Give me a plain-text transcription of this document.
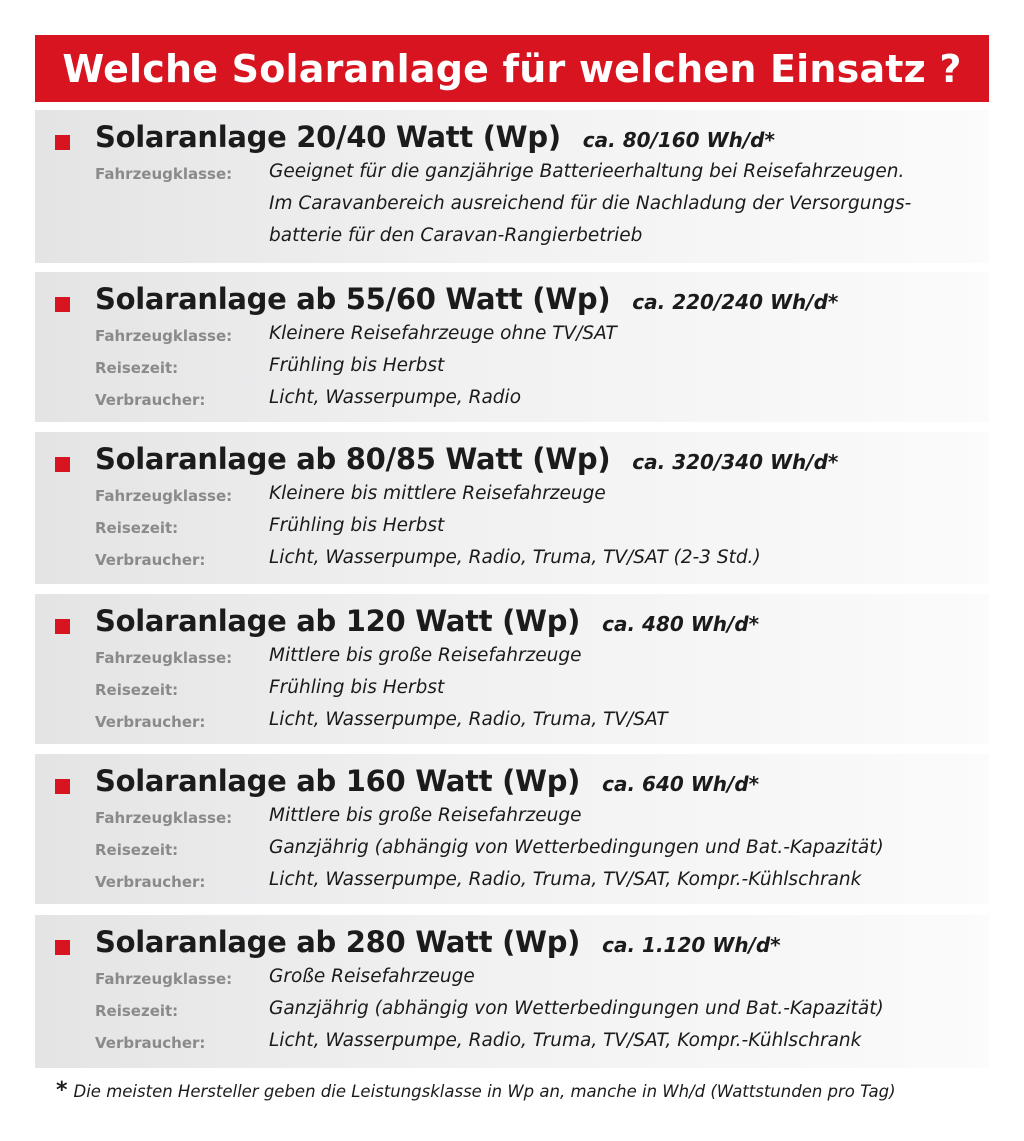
Welche Solaranlage für welchen Einsatz ?
Solaranlage 20/40 Watt (Wp) ca. 80/160 Wh/d*
Fahrzeugklasse: Geeignet für die ganzjährige Batterieerhaltung bei Reisefahrzeugen.
Im Caravanbereich ausreichend für die Nachladung der Versorgungs-
batterie für den Caravan-Rangierbetrieb
Solaranlage ab 55/60 Watt (Wp) ca. 220/240 Wh/d*
Fahrzeugklasse: Kleinere Reisefahrzeuge ohne TV/SAT
Reisezeit:	Frühling bis Herbst
Verbraucher:	Licht, Wasserpumpe, Radio
Solaranlage ab 80/85 Watt (Wp) ca. 320/340 Wh/d*
Fahrzeugklasse: Kleinere bis mittlere Reisefahrzeuge
Reisezeit:	Frühling bis Herbst
Verbraucher:	Licht, Wasserpumpe, Radio, Truma, TV/SAT (2-3 Std.)
Solaranlage ab 120 Watt (Wp) ca. 480 Wh/d*
Fahrzeugklasse: Mittlere bis große Reisefahrzeuge
Reisezeit:	Frühling bis Herbst
Verbraucher:	Licht, Wasserpumpe, Radio, Truma, TV/SAT
Solaranlage ab 160 Watt (Wp) ca. 640 Wh/d*
Fahrzeugklasse: Mittlere bis große Reisefahrzeuge
Reisezeit:	Ganzjährig (abhängig von Wetterbedingungen und Bat.-Kapazität)
Verbraucher:	Licht, Wasserpumpe, Radio, Truma, TV/SAT, Kompr.-Kühlschrank
Solaranlage ab 280 Watt (Wp) ca. 1.120 Wh/d*
Fahrzeugklasse: Große Reisefahrzeuge
Reisezeit:	Ganzjährig (abhängig von Wetterbedingungen und Bat.-Kapazität)
Verbraucher:	Licht, Wasserpumpe, Radio, Truma, TV/SAT, Kompr.-Kühlschrank
* Die meisten Hersteller geben die Leistungsklasse in Wp an, manche in Wh/d (Wattstunden pro Tag)
